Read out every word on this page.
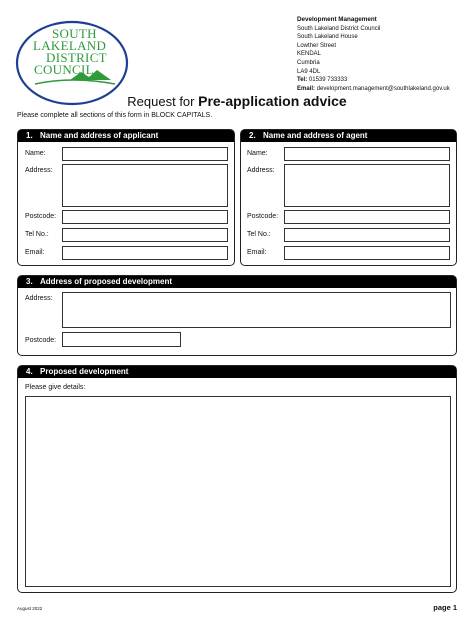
SOUTH
LAKELAND
DISTRICT
COUNCIL
Development Management
South Lakeland District Council
South Lakeland House
Lowther Street
KENDAL
Cumbria
LA9 4DL
Tel: 01539 733333
Email: development.management@southlakeland.gov.uk
Request for Pre-application advice
Please complete all sections of this form in BLOCK CAPITALS.
1. Name and address of applicant
Name:
Address:
Postcode:
Tel No.:
Email:
2. Name and address of agent
Name:
Address:
Postcode:
Tel No.:
Email:
3. Address of proposed development
Address:
Postcode:
4. Proposed development
Please give details:
August 2022	page 1
